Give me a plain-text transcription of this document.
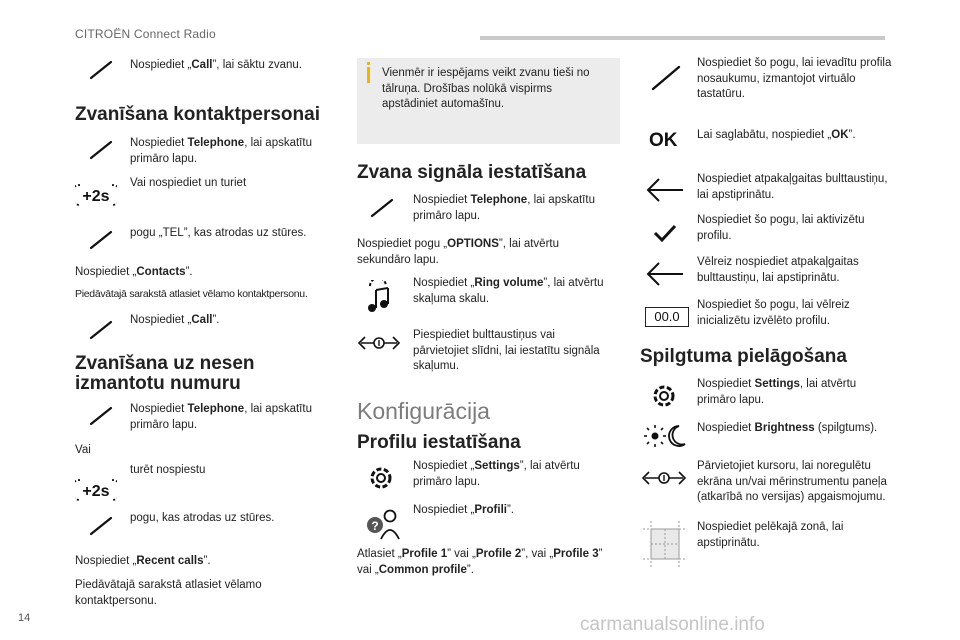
CITROËN Connect Radio
14	carmanualsonline.info
Nospiediet „Call”, lai sāktu zvanu.
Zvanīšana kontaktpersonai
Nospiediet Telephone, lai apskatītu primāro lapu.
+2s
Vai nospiediet un turiet
pogu „TEL”, kas atrodas uz stūres.
Nospiediet „Contacts”.
Piedāvātajā sarakstā atlasiet vēlamo kontaktpersonu.
Nospiediet „Call”.
Zvanīšana uz nesen
izmantotu numuru
Nospiediet Telephone, lai apskatītu primāro lapu.
Vai
+2s
turēt nospiestu
pogu, kas atrodas uz stūres.
Nospiediet „Recent calls”.
Piedāvātajā sarakstā atlasiet vēlamo kontaktpersonu.
Vienmēr ir iespējams veikt zvanu tieši no tālruņa. Drošības nolūkā vispirms apstādiniet automašīnu.
Zvana signāla iestatīšana
Nospiediet Telephone, lai apskatītu primāro lapu.
Nospiediet pogu „OPTIONS”, lai atvērtu sekundāro lapu.
Nospiediet „Ring volume”, lai atvērtu skaļuma skalu.
Piespiediet bulttaustiņus vai pārvietojiet slīdni, lai iestatītu signāla skaļumu.
Konfigurācija
Profilu iestatīšana
Nospiediet „Settings”, lai atvērtu primāro lapu.
?
Nospiediet „Profili”.
Atlasiet „Profile 1” vai „Profile 2”, vai „Profile 3” vai „Common profile”.
Nospiediet šo pogu, lai ievadītu profila nosaukumu, izmantojot virtuālo tastatūru.
OK Lai saglabātu, nospiediet „OK”.
Nospiediet atpakaļgaitas bulttaustiņu, lai apstiprinātu.
Nospiediet šo pogu, lai aktivizētu profilu.
Vēlreiz nospiediet atpakaļgaitas bulttaustiņu, lai apstiprinātu.
00.0
Nospiediet šo pogu, lai vēlreiz inicializētu izvēlēto profilu.
Spilgtuma pielāgošana
Nospiediet Settings, lai atvērtu primāro lapu.
Nospiediet Brightness (spilgtums).
Pārvietojiet kursoru, lai noregulētu ekrāna un/vai mērinstrumentu paneļa (atkarībā no versijas) apgaismojumu.
Nospiediet pelēkajā zonā, lai apstiprinātu.
